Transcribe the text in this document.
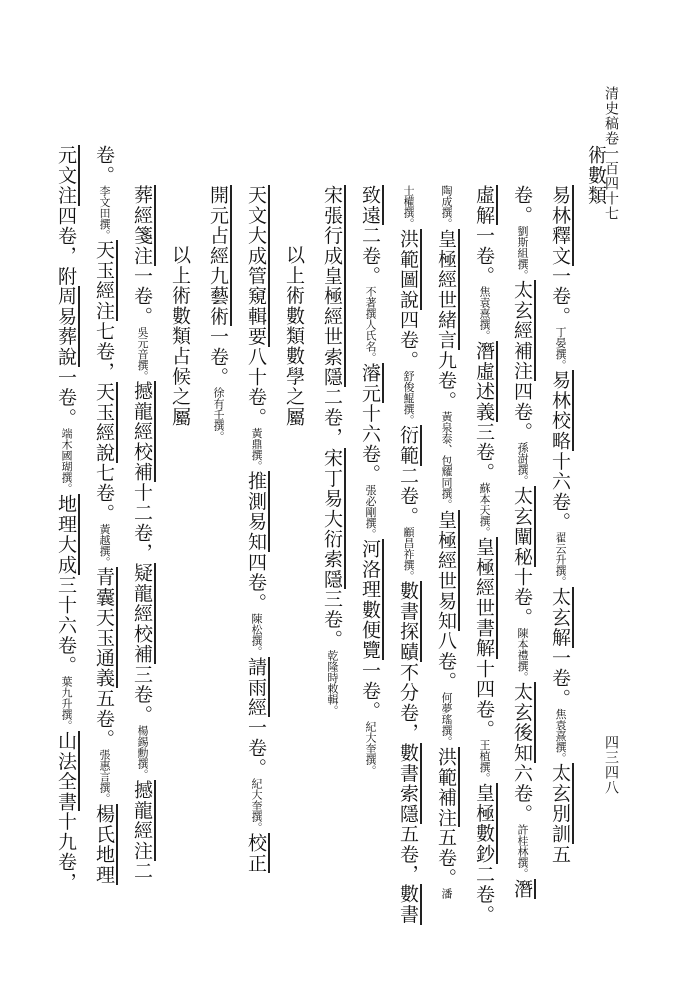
清史稿卷一百四十七
四三四八
術數類
易林釋文一卷。丁晏撰。易林校略十六卷。翟云升撰。太玄解一卷。焦袁熹撰。太玄別訓五
卷。劉斯組撰。太玄經補注四卷。孫澍撰。太玄闡秘十卷。陳本禮撰。太玄後知六卷。許桂林撰。潛
虛解一卷。焦袁熹撰。潛虛述義三卷。蘇本天撰。皇極經世書解十四卷。王植撰。皇極數鈔二卷。
陶成撰。皇極經世緒言九卷。黃泉泰、包耀同撰。皇極經世易知八卷。何夢瑤撰。洪範補注五卷。潘
士權撰。洪範圖說四卷。舒俊鯤撰。衍範二卷。顧昌祚撰。數書探賾不分卷，數書索隱五卷，數書
致遠二卷。不著撰人氏名。濬元十六卷。張必剛撰。河洛理數便覽一卷。紀大奎撰。
宋張行成皇極經世索隱二卷，宋丁易大衍索隱三卷。乾隆時敕輯。
以上術數類數學之屬
天文大成管窺輯要八十卷。黃鼎撰。推測易知四卷。陳松撰。請雨經一卷。紀大奎撰。校正
開元占經九藝術一卷。徐有壬撰。
以上術數類占候之屬
葬經箋注一卷。吳元音撰。撼龍經校補十二卷，疑龍經校補三卷。楊錫勳撰。撼龍經注二
卷。李文田撰。天玉經注七卷，天玉經說七卷。黃越撰。青囊天玉通義五卷。張惠言撰。楊氏地理
元文注四卷，附周易葬說一卷。端木國瑚撰。地理大成三十六卷。葉九升撰。山法全書十九卷，
